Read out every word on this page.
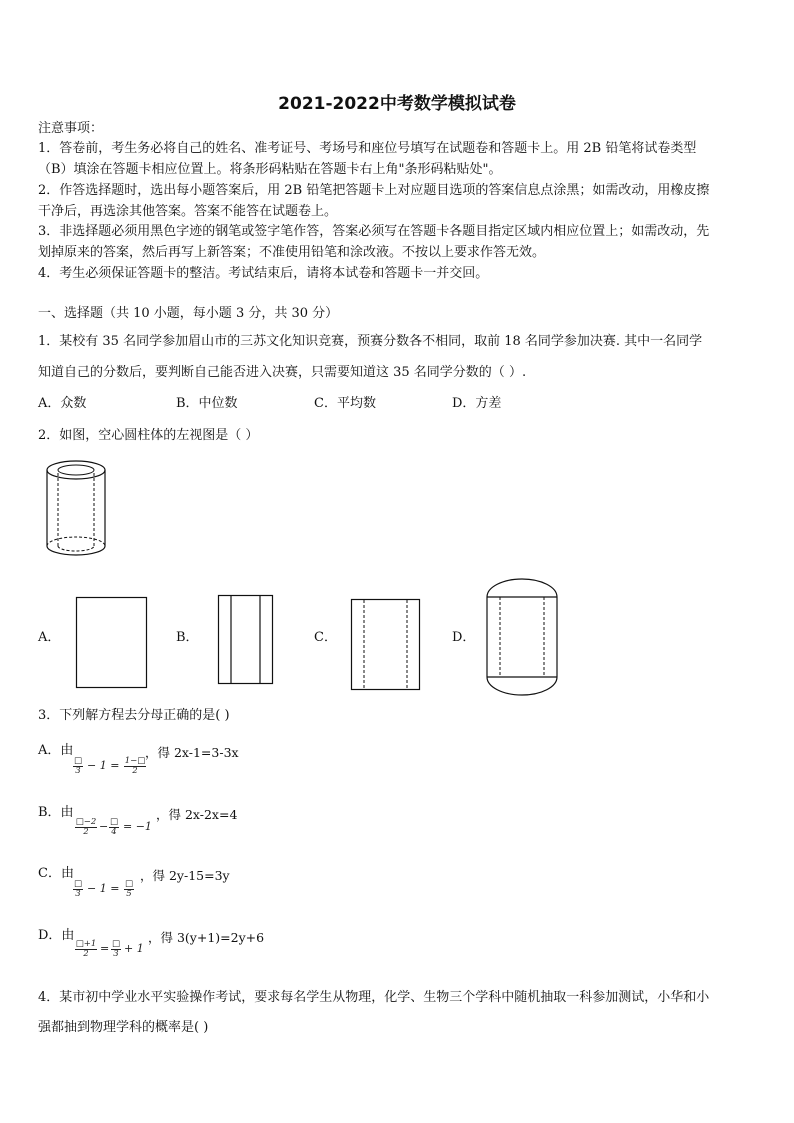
2021-2022中考数学模拟试卷
注意事项：
1．答卷前，考生务必将自己的姓名、准考证号、考场号和座位号填写在试题卷和答题卡上。用 2B 铅笔将试卷类型
（B）填涂在答题卡相应位置上。将条形码粘贴在答题卡右上角"条形码粘贴处"。
2．作答选择题时，选出每小题答案后，用 2B 铅笔把答题卡上对应题目选项的答案信息点涂黑；如需改动，用橡皮擦
干净后，再选涂其他答案。答案不能答在试题卷上。
3．非选择题必须用黑色字迹的钢笔或签字笔作答，答案必须写在答题卡各题目指定区域内相应位置上；如需改动，先
划掉原来的答案，然后再写上新答案；不准使用铅笔和涂改液。不按以上要求作答无效。
4．考生必须保证答题卡的整洁。考试结束后，请将本试卷和答题卡一并交回。
一、选择题（共 10 小题，每小题 3 分，共 30 分）
1．某校有 35 名同学参加眉山市的三苏文化知识竞赛，预赛分数各不相同，取前 18 名同学参加决赛. 其中一名同学
知道自己的分数后，要判断自己能否进入决赛，只需要知道这 35 名同学分数的（ ）.
A．众数	B．中位数	C．平均数	D．方差
2．如图，空心圆柱体的左视图是（ ）
A．	B．	C．	D．
3．下列解方程去分母正确的是( )
A．由
□
3 − 1 = 1−□
2
，得 2x-1=3-3x
B．由
□−2
2 − □
4 = −1
，得 2x-2x=4
C．由
□
3 − 1 = □
5
，得 2y-15=3y
D．由
□+1
2	= □
3 + 1
，得 3(y+1)=2y+6
4．某市初中学业水平实验操作考试，要求每名学生从物理，化学、生物三个学科中随机抽取一科参加测试，小华和小
强都抽到物理学科的概率是( )
